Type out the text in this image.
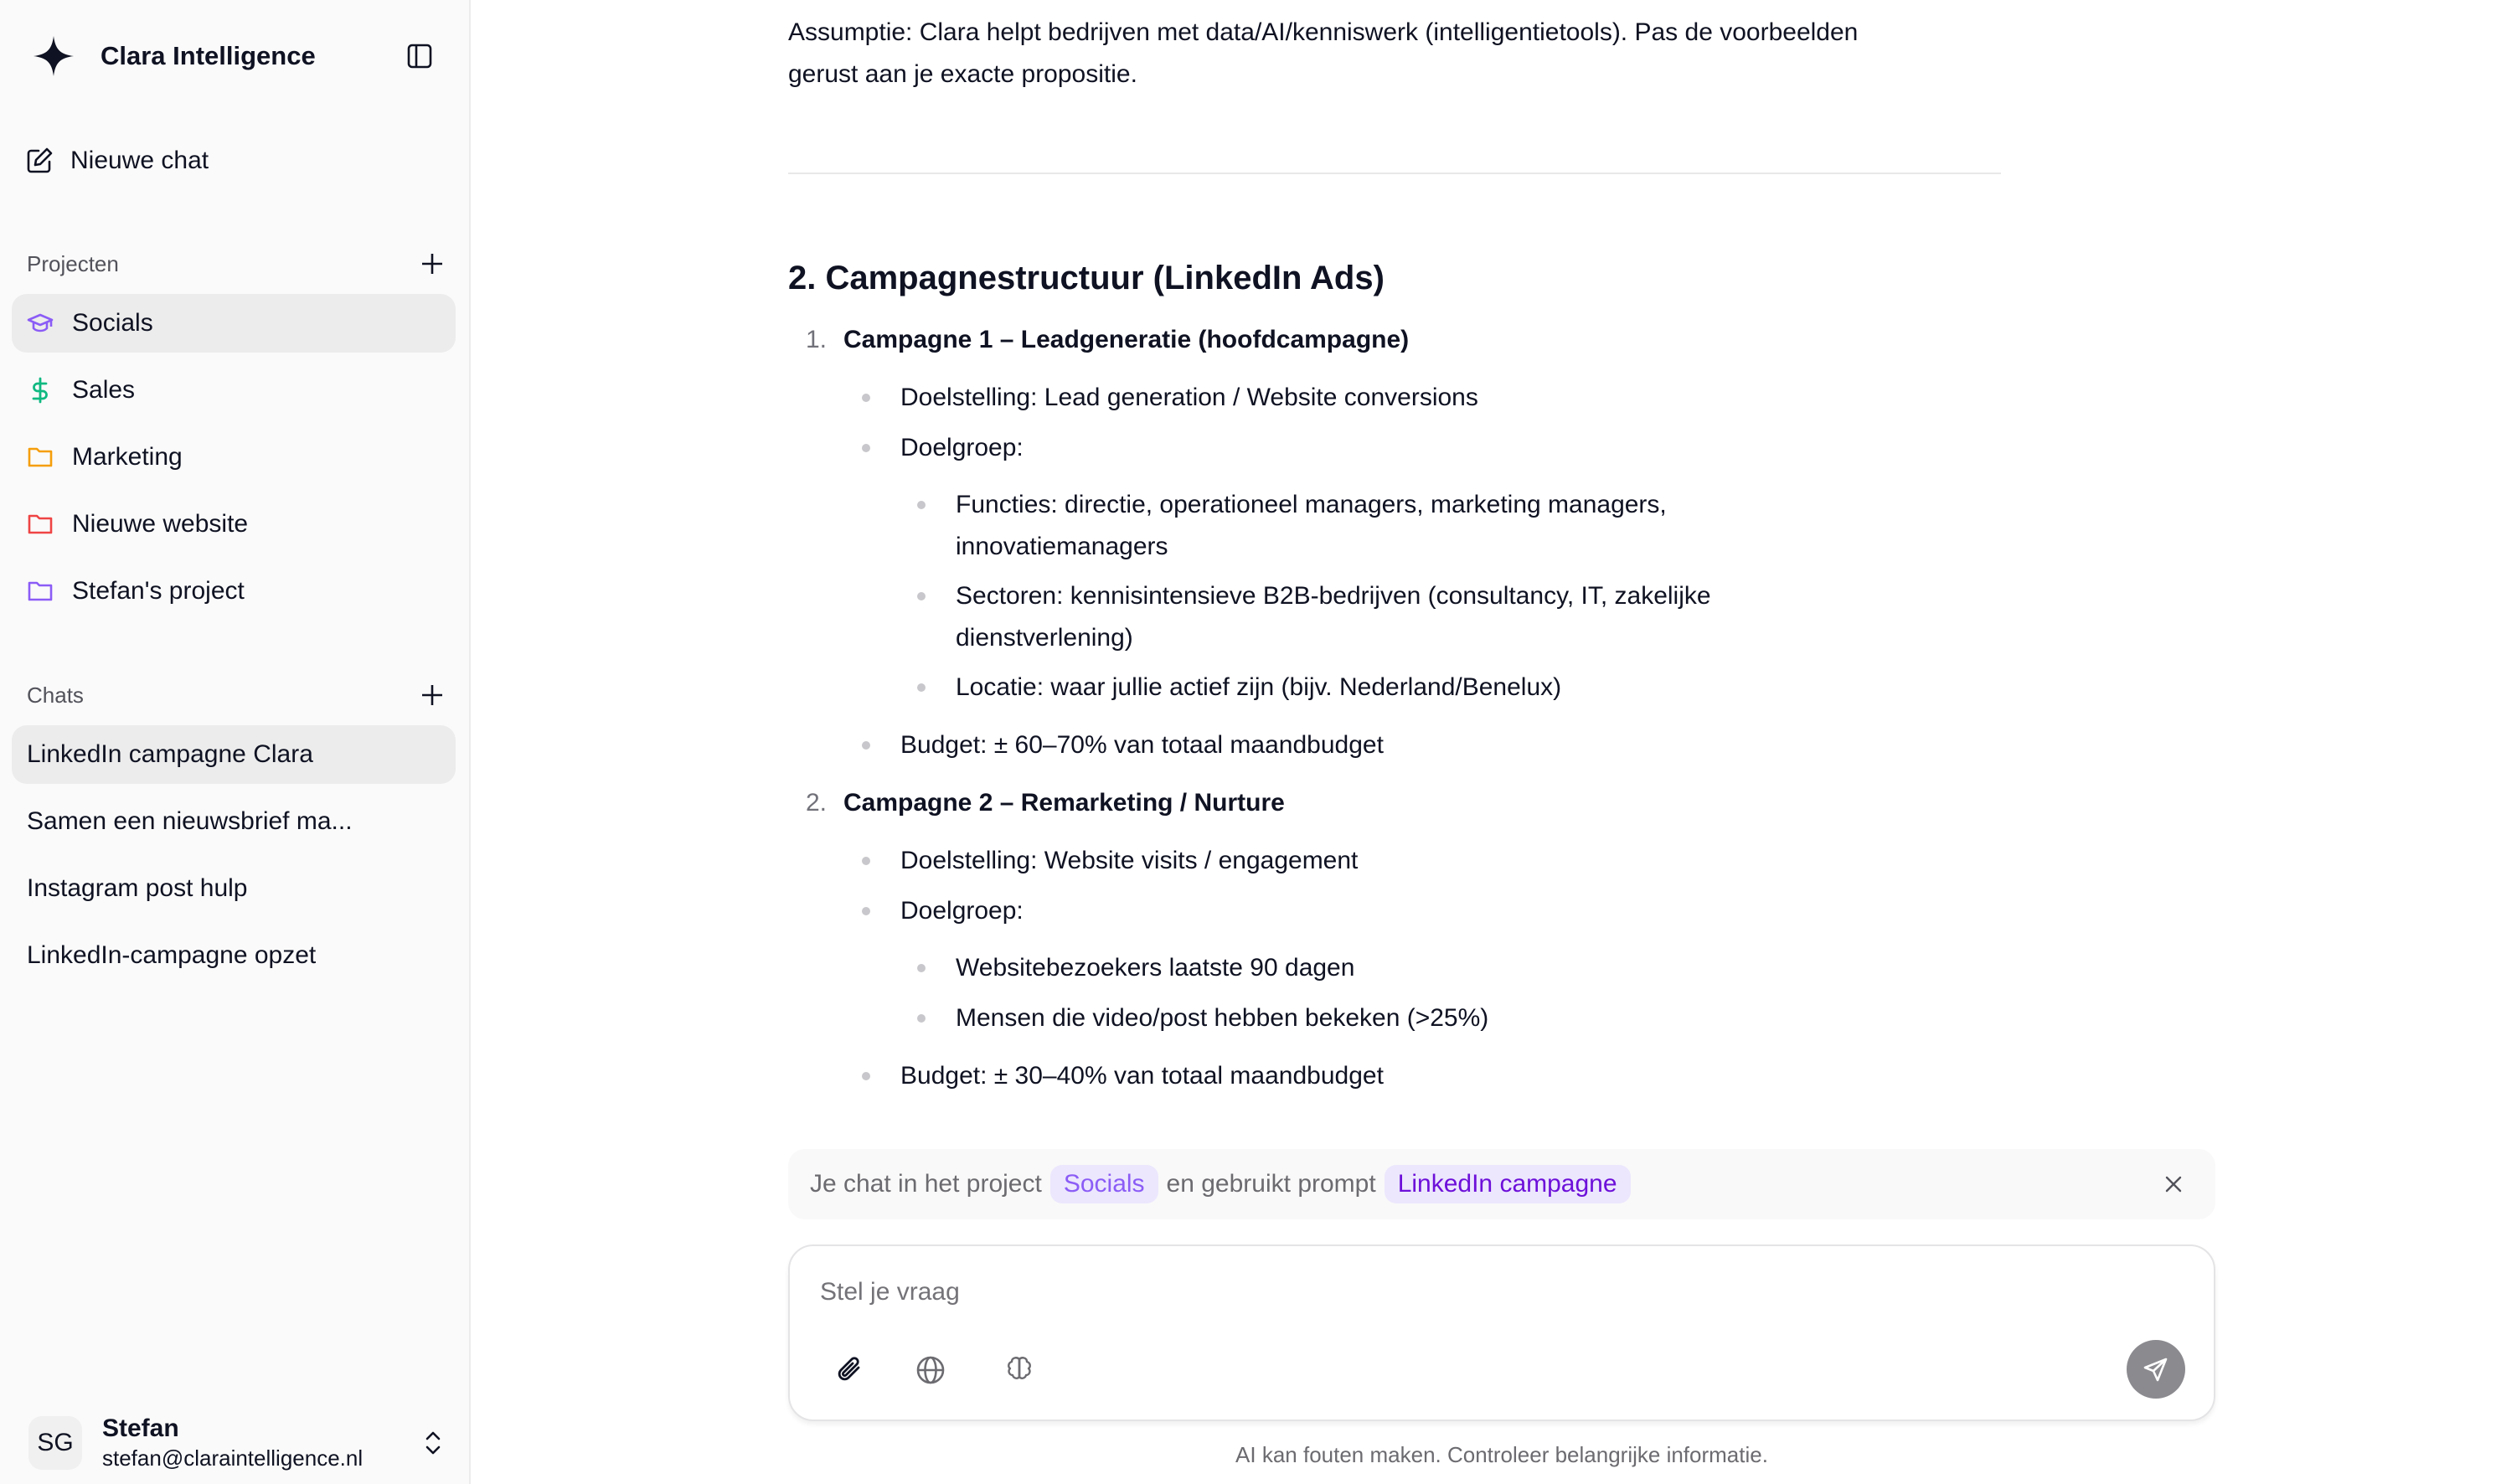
Clara Intelligence
Nieuwe chat
Projecten
Socials
Sales
Marketing
Nieuwe website
Stefan's project
Chats
LinkedIn campagne Clara
Samen een nieuwsbrief ma...
Instagram post hulp
LinkedIn-campagne opzet
SG
Stefan
stefan@claraintelligence.nl

Assumptie: Clara helpt bedrijven met data/AI/kenniswerk (intelligentietools). Pas de voorbeelden gerust aan je exacte propositie.

2. Campagnestructuur (LinkedIn Ads)
1. Campagne 1 – Leadgeneratie (hoofdcampagne)
Doelstelling: Lead generation / Website conversions
Doelgroep:
Functies: directie, operationeel managers, marketing managers, innovatiemanagers
Sectoren: kennisintensieve B2B-bedrijven (consultancy, IT, zakelijke dienstverlening)
Locatie: waar jullie actief zijn (bijv. Nederland/Benelux)
Budget: ± 60–70% van totaal maandbudget
2. Campagne 2 – Remarketing / Nurture
Doelstelling: Website visits / engagement
Doelgroep:
Websitebezoekers laatste 90 dagen
Mensen die video/post hebben bekeken (>25%)
Budget: ± 30–40% van totaal maandbudget
Je chat in het project Socials en gebruikt prompt LinkedIn campagne
Stel je vraag
AI kan fouten maken. Controleer belangrijke informatie.
